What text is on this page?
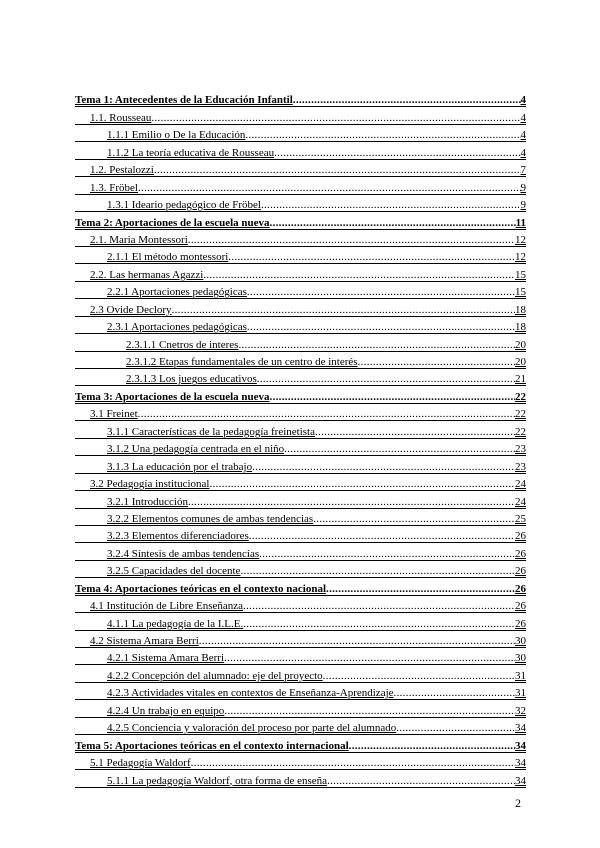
Tema 1: Antecedentes de la Educación Infantil .....	4
1.1. Rousseau .....	4
1.1.1 Emilio o De la Educación .....	4
1.1.2 La teoría educativa de Rousseau .....	4
1.2. Pestalozzi .....	7
1.3. Fröbel .....	9
1.3.1 Ideario pedagógico de Fröbel .....	9
Tema 2: Aportaciones de la escuela nueva .....	11
2.1. Maria Montessori .....	12
2.1.1 El método montessori .....	12
2.2. Las hermanas Agazzi .....	15
2.2.1 Aportaciones pedagógicas .....	15
2.3 Ovide Declory .....	18
2.3.1 Aportaciones pedagógicas .....	18
2.3.1.1 Cnetros de interes .....	20
2.3.1.2 Etapas fundamentales de un centro de interés .....	20
2.3.1.3 Los juegos educativos .....	21
Tema 3: Aportaciones de la escuela nueva .....	22
3.1 Freinet .....	22
3.1.1 Características de la pedagogía freinetista .....	22
3.1.2 Una pedagogía centrada en el niño .....	23
3.1.3 La educación por el trabajo .....	23
3.2 Pedagogía institucional .....	24
3.2.1 Introducción .....	24
3.2.2 Elementos comunes de ambas tendencias .....	25
3.2.3 Elementos diferenciadores .....	26
3.2.4 Síntesis de ambas tendencias .....	26
3.2.5 Capacidades del docente .....	26
Tema 4: Aportaciones teóricas en el contexto nacional .....	26
4.1 Institución de Libre Enseñanza .....	26
4.1.1 La pedagogía de la I.L.E. .....	26
4.2 Sistema Amara Berri .....	30
4.2.1 Sistema Amara Berri .....	30
4.2.2 Concepción del alumnado: eje del proyecto .....	31
4.2.3 Actividades vitales en contextos de Enseñanza-Aprendizaje .....	31
4.2.4 Un trabajo en equipo .....	32
4.2.5 Conciencia y valoración del proceso por parte del alumnado .....	34
Tema 5: Aportaciones teóricas en el contexto internacional .....	34
5.1 Pedagogía Waldorf .....	34
5.1.1 La pedagogía Waldorf, otra forma de enseña .....	34
2
